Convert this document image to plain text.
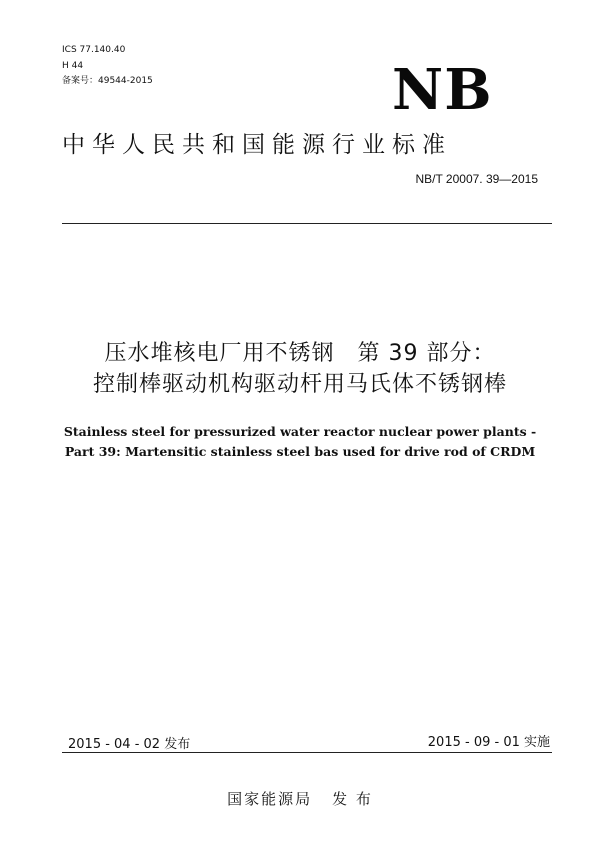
ICS 77.140.40
H 44
备案号：49544-2015	NB
中华人民共和国能源行业标准
NB/T 20007. 39—2015
压水堆核电厂用不锈钢　第 39 部分：
控制棒驱动机构驱动杆用马氏体不锈钢棒
Stainless steel for pressurized water reactor nuclear power plants -
Part 39: Martensitic stainless steel bas used for drive rod of CRDM
2015 - 04 - 02 发布	2015 - 09 - 01 实施
国家能源局 发 布
